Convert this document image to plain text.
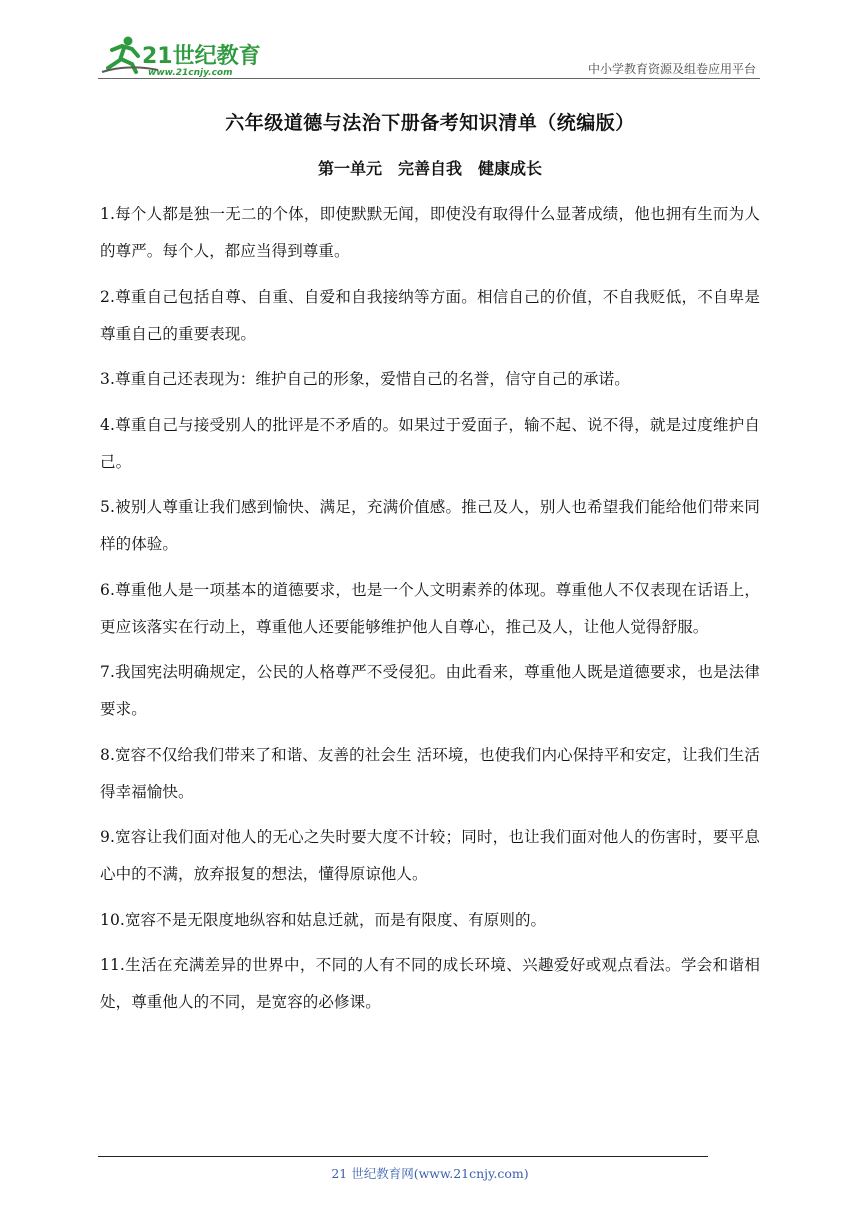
21世纪教育
www.21cnjy.com	中小学教育资源及组卷应用平台
六年级道德与法治下册备考知识清单（统编版）
第一单元　完善自我　健康成长

1.每个人都是独一无二的个体，即使默默无闻，即使没有取得什么显著成绩，他也拥有生而为人的尊严。每个人，都应当得到尊重。

2.尊重自己包括自尊、自重、自爱和自我接纳等方面。相信自己的价值，不自我贬低，不自卑是尊重自己的重要表现。

3.尊重自己还表现为：维护自己的形象，爱惜自己的名誉，信守自己的承诺。

4.尊重自己与接受别人的批评是不矛盾的。如果过于爱面子，输不起、说不得，就是过度维护自己。

5.被别人尊重让我们感到愉快、满足，充满价值感。推己及人，别人也希望我们能给他们带来同样的体验。

6.尊重他人是一项基本的道德要求，也是一个人文明素养的体现。尊重他人不仅表现在话语上，更应该落实在行动上，尊重他人还要能够维护他人自尊心，推己及人，让他人觉得舒服。

7.我国宪法明确规定，公民的人格尊严不受侵犯。由此看来，尊重他人既是道德要求，也是法律要求。

8.宽容不仅给我们带来了和谐、友善的社会生 活环境，也使我们内心保持平和安定，让我们生活得幸福愉快。

9.宽容让我们面对他人的无心之失时要大度不计较；同时，也让我们面对他人的伤害时，要平息心中的不满，放弃报复的想法，懂得原谅他人。

10.宽容不是无限度地纵容和姑息迁就，而是有限度、有原则的。

11.生活在充满差异的世界中，不同的人有不同的成长环境、兴趣爱好或观点看法。学会和谐相处，尊重他人的不同，是宽容的必修课。

21 世纪教育网(www.21cnjy.com)
